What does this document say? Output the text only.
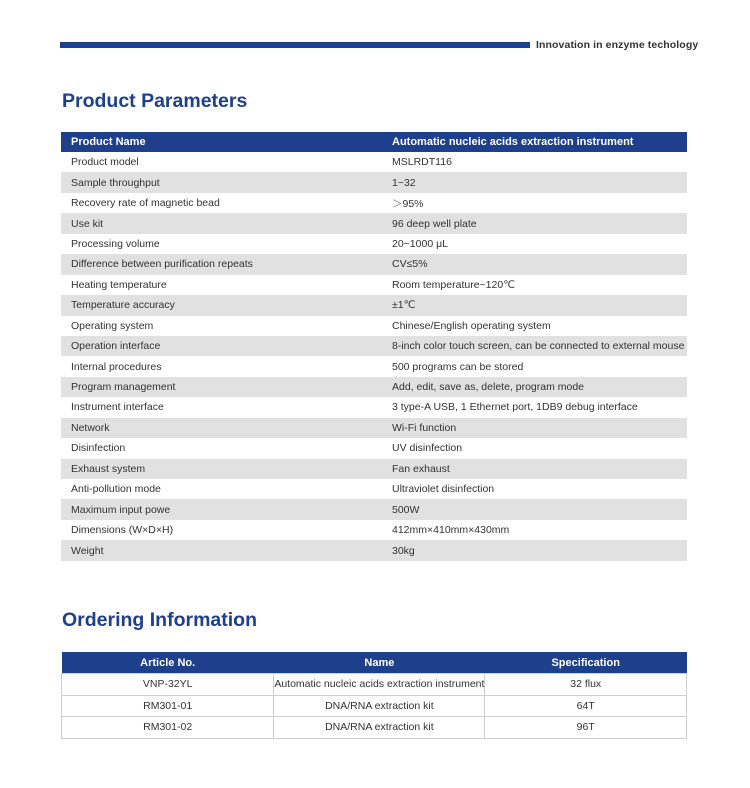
Innovation in enzyme techology
Product Parameters
Product Name	Automatic nucleic acids extraction instrument
Product model	MSLRDT116
Sample throughput	1~32
Recovery rate of magnetic bead	＞95%
Use kit	96 deep well plate
Processing volume	20~1000 μL
Difference between purification repeats	CV≤5%
Heating temperature	Room temperature~120℃
Temperature accuracy	±1℃
Operating system	Chinese/English operating system
Operation interface	8-inch color touch screen, can be connected to external mouse
Internal procedures	500 programs can be stored
Program management	Add, edit, save as, delete, program mode
Instrument interface	3 type-A USB, 1 Ethernet port, 1DB9 debug interface
Network	Wi-Fi function
Disinfection	UV disinfection
Exhaust system	Fan exhaust
Anti-pollution mode	Ultraviolet disinfection
Maximum input powe	500W
Dimensions (W×D×H)	412mm×410mm×430mm
Weight	30kg
Ordering Information
Article No.	Name	Specification
VNP-32YL	Automatic nucleic acids extraction instrument	32 flux
RM301-01	DNA/RNA extraction kit	64T
RM301-02	DNA/RNA extraction kit	96T
